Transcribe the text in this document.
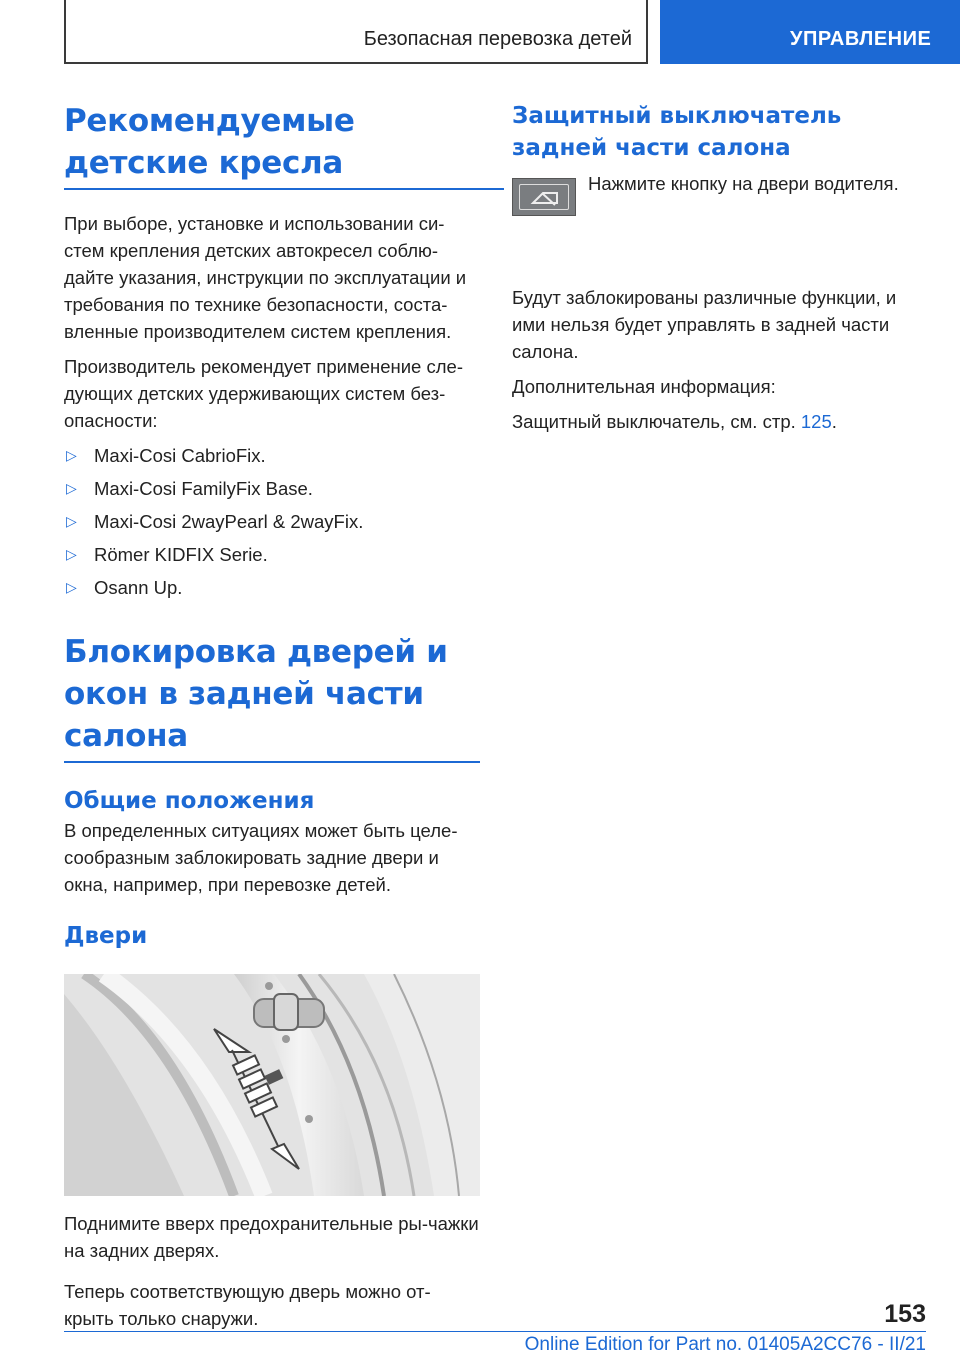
Безопасная перевозка детей	УПРАВЛЕНИЕ
Рекомендуемые детские кресла

При выборе, установке и использовании си-стем крепления детских автокресел соблю-дайте указания, инструкции по эксплуатации и требования по технике безопасности, соста-вленные производителем систем крепления.

Производитель рекомендует применение сле-дующих детских удерживающих систем без-опасности:

▷ Maxi-Cosi CabrioFix.
▷ Maxi-Cosi FamilyFix Base.
▷ Maxi-Cosi 2wayPearl & 2wayFix.
▷ Römer KIDFIX Serie.
▷ Osann Up.
Блокировка дверей и окон в задней части салона
Общие положения

В определенных ситуациях может быть целе-сообразным заблокировать задние двери и окна, например, при перевозке детей.

Двери

Поднимите вверх предохранительные ры-чажки на задних дверях.

Теперь соответствующую дверь можно от-крыть только снаружи.

Защитный выключатель задней части салона

Нажмите кнопку на двери водителя.

Будут заблокированы различные функции, и ими нельзя будет управлять в задней части салона.

Дополнительная информация:

Защитный выключатель, см. стр. 125.

153
Online Edition for Part no. 01405A2CC76 - II/21
